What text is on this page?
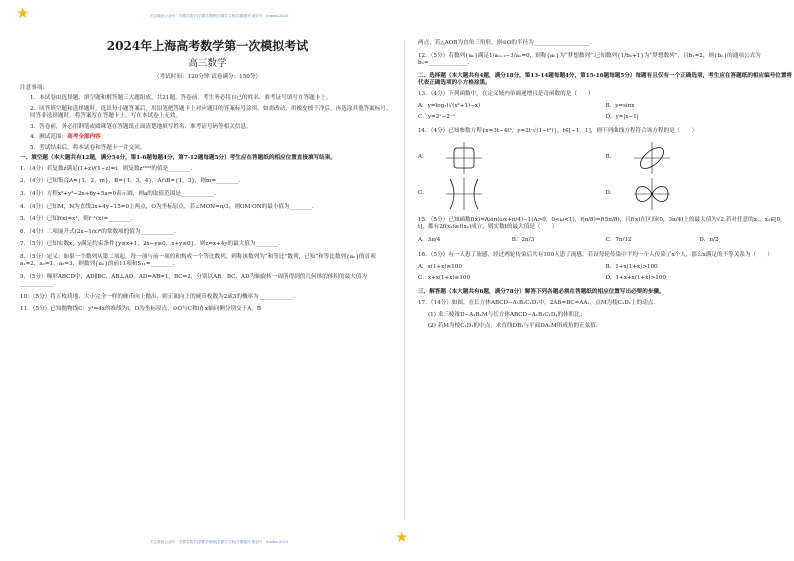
★	关注微信公众号：学霸学数学|学霸学物理|学霸学文科|学霸题库 微信号：Xueba-2024
2024年上海高考数学第一次模拟考试
高三数学
（考试时间：120分钟 试卷满分：150分）
注意事项：
1．本试卷由选择题、填空题和解答题三大题组成，共21题。答卷前，考生务必将自己的姓名、准考证号填写在答题卡上。
2．回答填空题和选择题时，选出每小题答案后，用铅笔把答题卡上对应题目的答案标号涂黑。如需改动，用橡皮擦干净后，再选涂其他答案标号。回答非选择题时，将答案写在答题卡上。写在本试卷上无效。
3．答卷前，务必用钢笔或圆珠笔在答题纸正面清楚地填写姓名、准考证号码等相关信息。
4．测试范围：高考全部内容
5．考试结束后，将本试卷和答题卡一并交回。
一、填空题（本大题共有12题，满分54分，第1-6题每题4分，第7-12题每题5分）考生应在答题纸的相应位置直接填写结果。
1．（4分）若复数z满足(1+z)/(1−z)=i，则复数z²⁰²³的值是________.
2．（4分）已知集合A={1，2，m}，B={1，3，4}，A∩B={1，3}，则m=________.
3．（4分）方程x²+y²−2x+6y+5a=0表示圆，则a的取值范围是____________.
4．（4分）已知M，N为直线3x+4y−15=0上两点，O为坐标原点，若∠MON=π/3，则OM·ON的最小值为________.
5．（4分）已知f(x)=x³，则f⁻¹(x)=________.
6．（4分）二项展开式(2x−1/x)⁶的常数项的值为____________.
7．（5分）已知实数x，y满足约束条件{y≤x+1，2x−y≤0，x+y≥0}，则z=x+4y的最大值为________.
8．（5分）定义：如果一个数列从第二项起，每一项与前一项的和构成一个等比数列，则称该数列为“和等比”数列，已知“和等比数列{aₙ}的首项a₁=2，a₂=1，a₃=3，则数列{aₙ}的前11项和S₁₁=________.
9．（5分）梯形ABCD中，AD∥BC，AB⊥AD，AD=AB=1，BC=2，分别以AB、BC、AD为轴旋转一周所得到的几何体的体积的最大值为____________.
10．（5分）将五枚质地、大小完全一样的硬币向上抛出，则正面向上的硬币枚数为2或3的概率为____________.
11．（5分）已知抛物线C：y²=4x的准线为l，O为坐标原点，⊙O与C和l在x轴同侧分别交于A，B
两点，若△AOB为直角三角形，则⊙O的半径为____________________.
12．（5分）若数列{aₙ}满足1/aₙ₊₁−3/aₙ=0，则称{aₙ}为“梦想数列”.已知数列{1/bₙ+1}为“梦想数列”，且b₁=2，则{bₙ}的通项公式为bₙ=______________.
二、选择题（本大题共有4题，满分18分，第13-14题每题4分，第15-16题每题5分）每题有且仅有一个正确选项，考生应在答题纸的相应编号位置将代表正确选项的小方格涂黑。
13．（4分）下列函数中，在定义域内单调递增且是奇函数的是（　　）
A．y=log₂(√(x²+1)−x)	B．y=sinx
C．y=2ˣ−2⁻ˣ	D．y=|x−1|
14．（4分）已知参数方程{x=3t−4t³，y=2t·√(1−t²)}，t∈[−1，1]，则下列曲线方程符合该方程的是（　　）
A．	B．
C．	D．
15．（5分）已知函数f(x)=Asin(ωx+π/4)−1(A>0，0<ω<1)，f(π/8)=f(5π/8)，且f(x)在区间(0，3π/4)上的最大值为√2.若对任意的x₁，x₂∈[0，t]，都有2f(x₁)≥f(x₂)成立，则实数t的最大值是（　　）
A．3π/4	B．2π/3	C．7π/12	D．π/2
16．（5分）有一人患了流感，经过两轮传染后共有100人患了流感，若设每轮传染中平均一个人传染了x个人，那么x满足的不等关系为（　　）
A．x(1+x)≥100	B．1+x(1+x)>100
C．x+x(1+x)≥100	D．1+x+x(1+x)>100
三、解答题（本大题共有6题，满分78分）解答下列各题必须在答题纸的相应位置写出必要的步骤。
17．（14分）如图，在长方体ABCD−A₁B₁C₁D₁中，2AB=BC=AA₁，点M为棱C₁D₁上的动点.
(1) 求三棱锥D−A₁B₁M与长方体ABCD−A₁B₁C₁D₁的体积比；
(2) 若M为棱C₁D₁的中点，求直线DB₁与平面DA₁M所成角的正弦值.
关注微信公众号：学霸学数学|学霸学物理|学霸学文科|学霸题库 微信号：Xueba-2024	★
